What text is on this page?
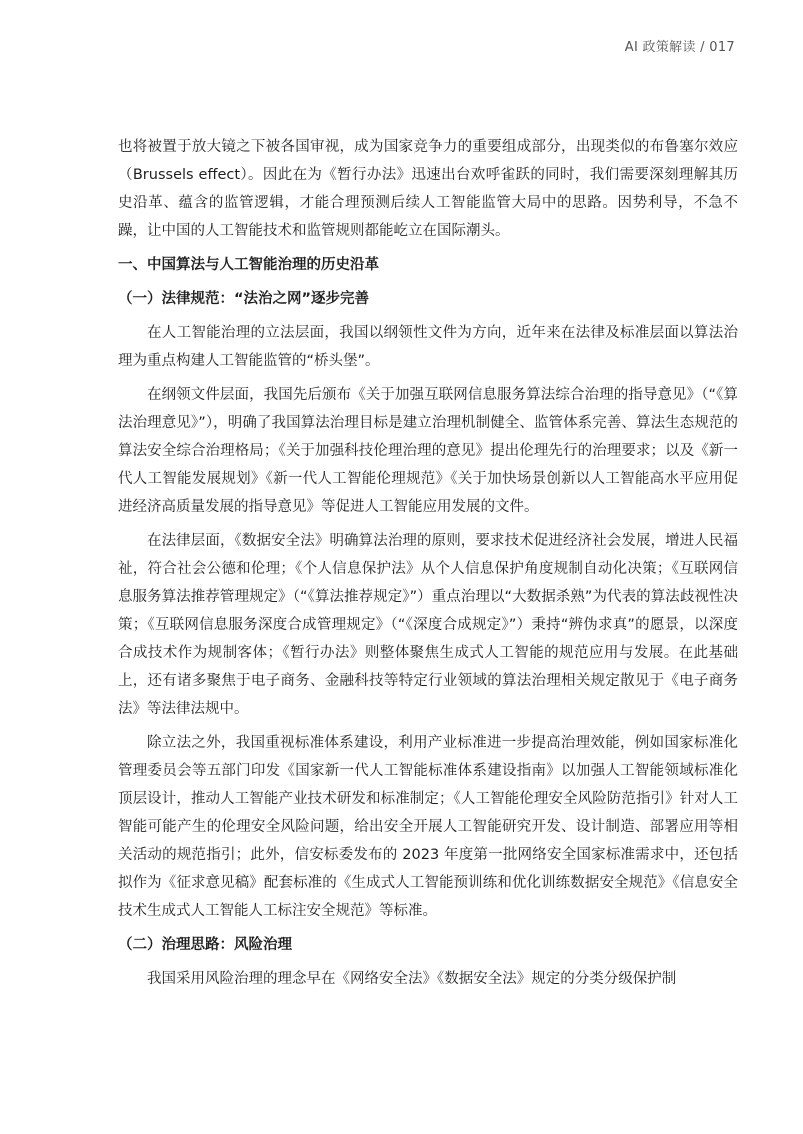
AI 政策解读 / 017

也将被置于放大镜之下被各国审视，成为国家竞争力的重要组成部分，出现类似的布鲁塞尔效应（Brussels effect）。因此在为《暂行办法》迅速出台欢呼雀跃的同时，我们需要深刻理解其历史沿革、蕴含的监管逻辑，才能合理预测后续人工智能监管大局中的思路。因势利导，不急不躁，让中国的人工智能技术和监管规则都能屹立在国际潮头。

一、中国算法与人工智能治理的历史沿革
（一）法律规范：“法治之网”逐步完善

在人工智能治理的立法层面，我国以纲领性文件为方向，近年来在法律及标准层面以算法治理为重点构建人工智能监管的“桥头堡”。

在纲领文件层面，我国先后颁布《关于加强互联网信息服务算法综合治理的指导意见》（“《算法治理意见》”），明确了我国算法治理目标是建立治理机制健全、监管体系完善、算法生态规范的算法安全综合治理格局；《关于加强科技伦理治理的意见》提出伦理先行的治理要求；以及《新一代人工智能发展规划》《新一代人工智能伦理规范》《关于加快场景创新以人工智能高水平应用促进经济高质量发展的指导意见》等促进人工智能应用发展的文件。

在法律层面，《数据安全法》明确算法治理的原则，要求技术促进经济社会发展，增进人民福祉，符合社会公德和伦理；《个人信息保护法》从个人信息保护角度规制自动化决策；《互联网信息服务算法推荐管理规定》（“《算法推荐规定》”）重点治理以“大数据杀熟”为代表的算法歧视性决策；《互联网信息服务深度合成管理规定》（“《深度合成规定》”）秉持“辨伪求真”的愿景，以深度合成技术作为规制客体；《暂行办法》则整体聚焦生成式人工智能的规范应用与发展。在此基础上，还有诸多聚焦于电子商务、金融科技等特定行业领域的算法治理相关规定散见于《电子商务法》等法律法规中。

除立法之外，我国重视标准体系建设，利用产业标准进一步提高治理效能，例如国家标准化管理委员会等五部门印发《国家新一代人工智能标准体系建设指南》以加强人工智能领域标准化顶层设计，推动人工智能产业技术研发和标准制定；《人工智能伦理安全风险防范指引》针对人工智能可能产生的伦理安全风险问题，给出安全开展人工智能研究开发、设计制造、部署应用等相关活动的规范指引；此外，信安标委发布的 2023 年度第一批网络安全国家标准需求中，还包括拟作为《征求意见稿》配套标准的《生成式人工智能预训练和优化训练数据安全规范》《信息安全技术生成式人工智能人工标注安全规范》等标准。

（二）治理思路：风险治理

我国采用风险治理的理念早在《网络安全法》《数据安全法》规定的分类分级保护制
